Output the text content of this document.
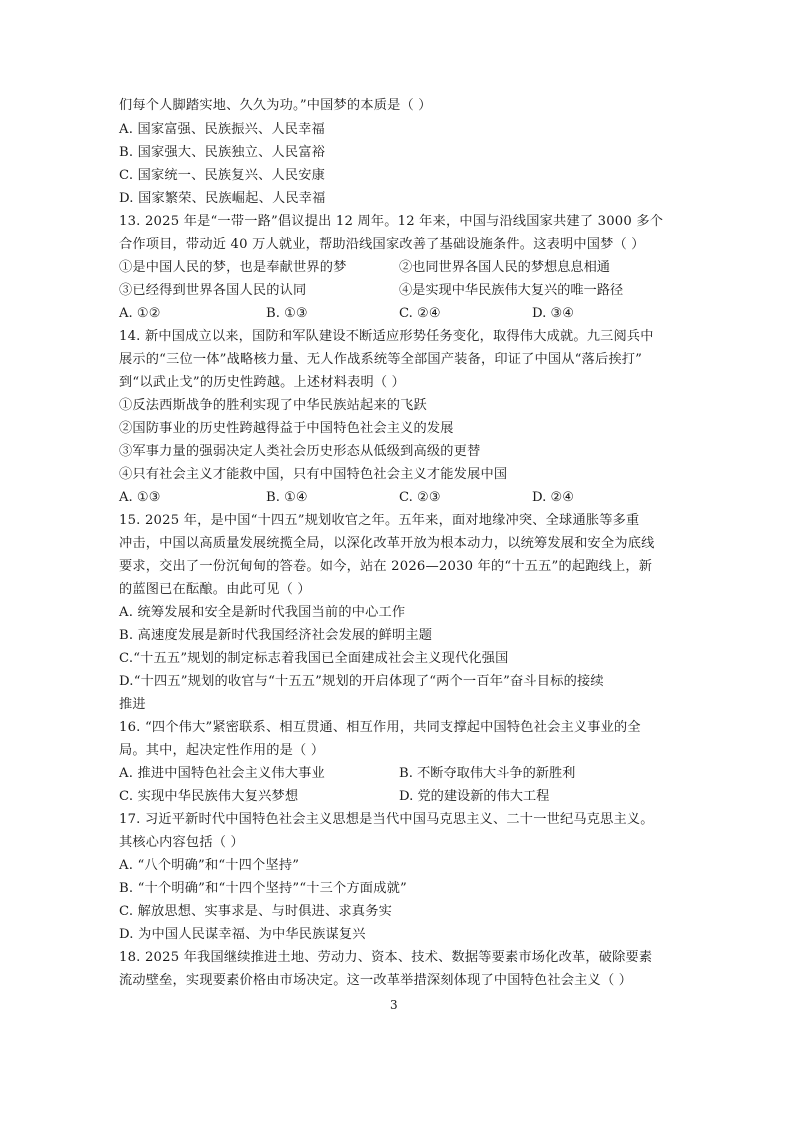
们每个人脚踏实地、久久为功。”中国梦的本质是（ ）
A. 国家富强、民族振兴、人民幸福
B. 国家强大、民族独立、人民富裕
C. 国家统一、民族复兴、人民安康
D. 国家繁荣、民族崛起、人民幸福
13. 2025 年是“一带一路”倡议提出 12 周年。12 年来，中国与沿线国家共建了 3000 多个
合作项目，带动近 40 万人就业，帮助沿线国家改善了基础设施条件。这表明中国梦（ ）
①是中国人民的梦，也是奉献世界的梦	②也同世界各国人民的梦想息息相通
③已经得到世界各国人民的认同	④是实现中华民族伟大复兴的唯一路径
A. ①②	B. ①③	C. ②④	D. ③④
14. 新中国成立以来，国防和军队建设不断适应形势任务变化，取得伟大成就。九三阅兵中
展示的“三位一体”战略核力量、无人作战系统等全部国产装备，印证了中国从“落后挨打”
到“以武止戈”的历史性跨越。上述材料表明（ ）
①反法西斯战争的胜利实现了中华民族站起来的飞跃
②国防事业的历史性跨越得益于中国特色社会主义的发展
③军事力量的强弱决定人类社会历史形态从低级到高级的更替
④只有社会主义才能救中国，只有中国特色社会主义才能发展中国
A. ①③	B. ①④	C. ②③	D. ②④
15. 2025 年，是中国“十四五”规划收官之年。五年来，面对地缘冲突、全球通胀等多重
冲击，中国以高质量发展统揽全局，以深化改革开放为根本动力，以统筹发展和安全为底线
要求，交出了一份沉甸甸的答卷。如今，站在 2026—2030 年的“十五五”的起跑线上，新
的蓝图已在酝酿。由此可见（ ）
A. 统筹发展和安全是新时代我国当前的中心工作
B. 高速度发展是新时代我国经济社会发展的鲜明主题
C.“十五五”规划的制定标志着我国已全面建成社会主义现代化强国
D.“十四五”规划的收官与“十五五”规划的开启体现了“两个一百年”奋斗目标的接续
推进
16. “四个伟大”紧密联系、相互贯通、相互作用，共同支撑起中国特色社会主义事业的全
局。其中，起决定性作用的是（ ）
A. 推进中国特色社会主义伟大事业	B. 不断夺取伟大斗争的新胜利
C. 实现中华民族伟大复兴梦想	D. 党的建设新的伟大工程
17. 习近平新时代中国特色社会主义思想是当代中国马克思主义、二十一世纪马克思主义。
其核心内容包括（ ）
A. “八个明确”和“十四个坚持”
B. “十个明确”和“十四个坚持”“十三个方面成就”
C. 解放思想、实事求是、与时俱进、求真务实
D. 为中国人民谋幸福、为中华民族谋复兴
18. 2025 年我国继续推进土地、劳动力、资本、技术、数据等要素市场化改革，破除要素
流动壁垒，实现要素价格由市场决定。这一改革举措深刻体现了中国特色社会主义（ ）
3
